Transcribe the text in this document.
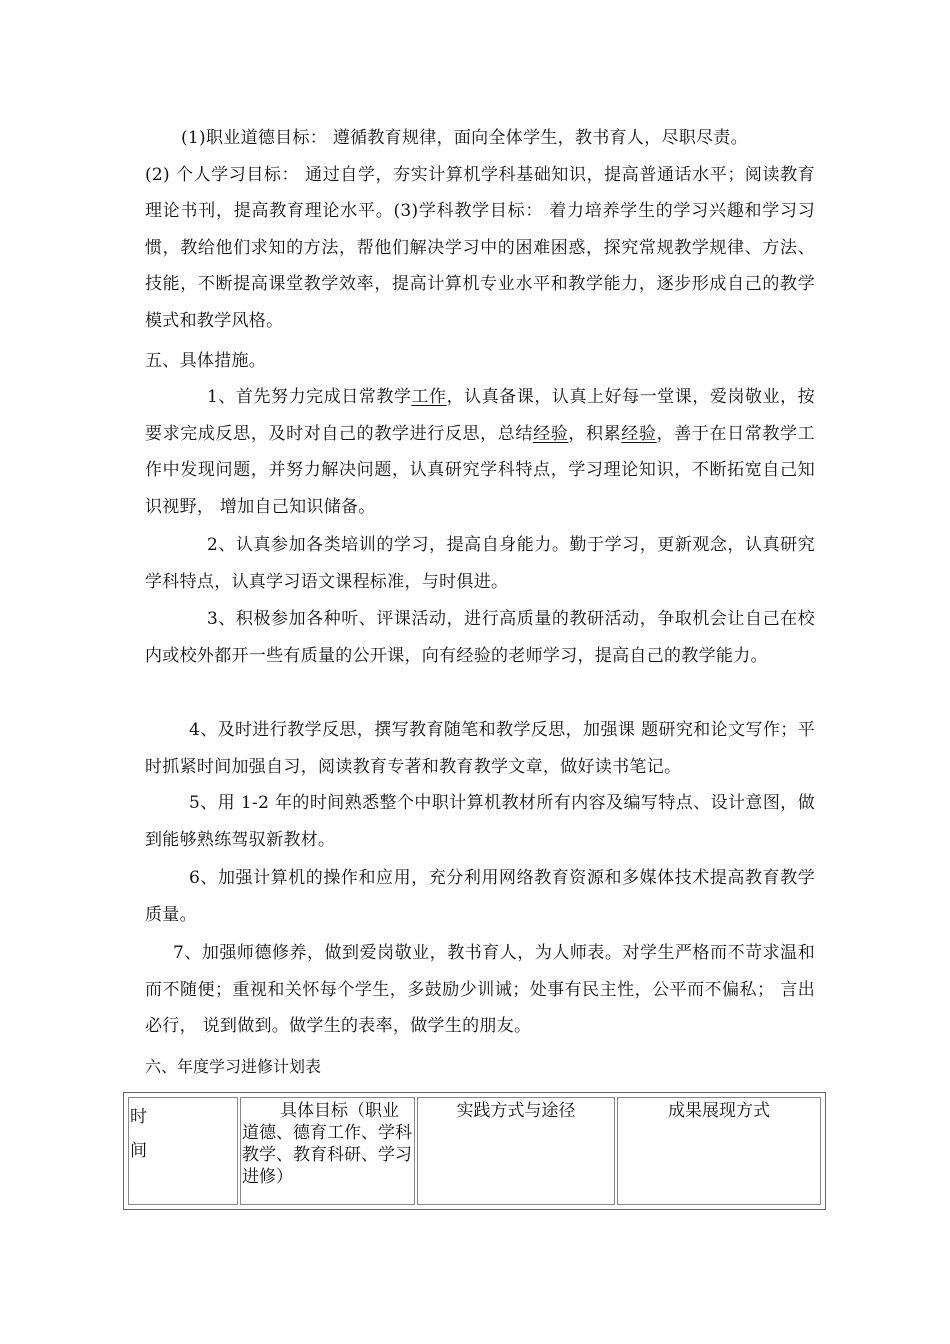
(1)职业道德目标： 遵循教育规律，面向全体学生，教书育人，尽职尽责。
(2) 个人学习目标： 通过自学，夯实计算机学科基础知识，提高普通话水平；阅读教育理论书刊，提高教育理论水平。(3)学科教学目标： 着力培养学生的学习兴趣和学习习惯，教给他们求知的方法，帮他们解决学习中的困难困惑，探究常规教学规律、方法、技能，不断提高课堂教学效率，提高计算机专业水平和教学能力，逐步形成自己的教学模式和教学风格。

五、具体措施。

1、首先努力完成日常教学工作，认真备课，认真上好每一堂课，爱岗敬业，按要求完成反思，及时对自己的教学进行反思，总结经验，积累经验，善于在日常教学工作中发现问题，并努力解决问题，认真研究学科特点，学习理论知识，不断拓宽自己知识视野， 增加自己知识储备。

2、认真参加各类培训的学习，提高自身能力。勤于学习，更新观念，认真研究学科特点，认真学习语文课程标准，与时俱进。

3、积极参加各种听、评课活动，进行高质量的教研活动，争取机会让自己在校内或校外都开一些有质量的公开课，向有经验的老师学习，提高自己的教学能力。

4、及时进行教学反思，撰写教育随笔和教学反思，加强课 题研究和论文写作；平时抓紧时间加强自习，阅读教育专著和教育教学文章，做好读书笔记。

5、用 1-2 年的时间熟悉整个中职计算机教材所有内容及编写特点、设计意图，做到能够熟练驾驭新教材。

6、加强计算机的操作和应用，充分利用网络教育资源和多媒体技术提高教育教学质量。

7、加强师德修养，做到爱岗敬业，教书育人，为人师表。对学生严格而不苛求温和而不随便；重视和关怀每个学生，多鼓励少训诫；处事有民主性，公平而不偏私； 言出必行， 说到做到。做学生的表率，做学生的朋友。

六、年度学习进修计划表

时
间
	具体目标（职业道德、德育工作、学科教学、教育科研、学习进修）	实践方式与途径	成果展现方式
